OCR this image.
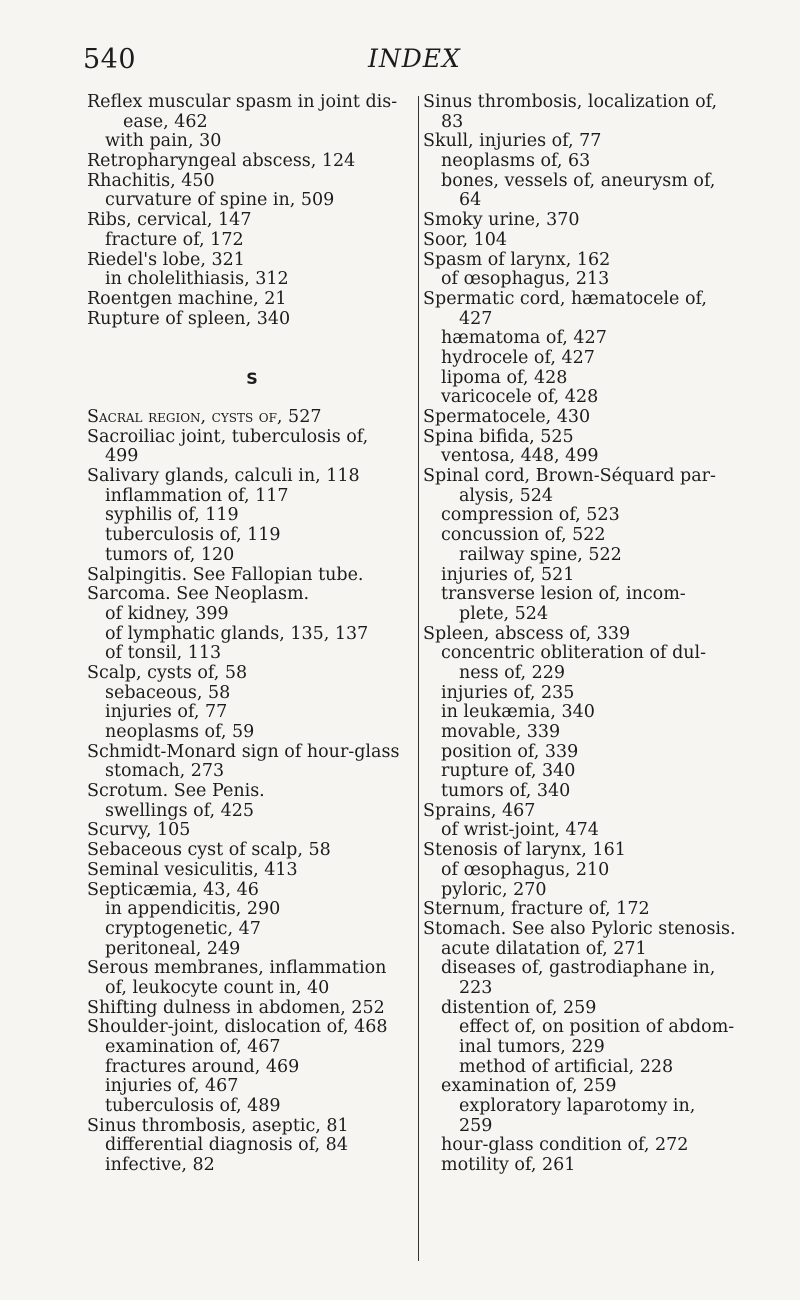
540	INDEX
Reflex muscular spasm in joint dis-
ease, 462
with pain, 30
Retropharyngeal abscess, 124
Rhachitis, 450
curvature of spine in, 509
Ribs, cervical, 147
fracture of, 172
Riedel's lobe, 321
in cholelithiasis, 312
Roentgen machine, 21
Rupture of spleen, 340
S
Sacral region, cysts of, 527
Sacroiliac joint, tuberculosis of,
499
Salivary glands, calculi in, 118
inflammation of, 117
syphilis of, 119
tuberculosis of, 119
tumors of, 120
Salpingitis. See Fallopian tube.
Sarcoma. See Neoplasm.
of kidney, 399
of lymphatic glands, 135, 137
of tonsil, 113
Scalp, cysts of, 58
sebaceous, 58
injuries of, 77
neoplasms of, 59
Schmidt-Monard sign of hour-glass
stomach, 273
Scrotum. See Penis.
swellings of, 425
Scurvy, 105
Sebaceous cyst of scalp, 58
Seminal vesiculitis, 413
Septicæmia, 43, 46
in appendicitis, 290
cryptogenetic, 47
peritoneal, 249
Serous membranes, inflammation
of, leukocyte count in, 40
Shifting dulness in abdomen, 252
Shoulder-joint, dislocation of, 468
examination of, 467
fractures around, 469
injuries of, 467
tuberculosis of, 489
Sinus thrombosis, aseptic, 81
differential diagnosis of, 84
infective, 82
Sinus thrombosis, localization of,
83
Skull, injuries of, 77
neoplasms of, 63
bones, vessels of, aneurysm of,
64
Smoky urine, 370
Soor, 104
Spasm of larynx, 162
of œsophagus, 213
Spermatic cord, hæmatocele of,
427
hæmatoma of, 427
hydrocele of, 427
lipoma of, 428
varicocele of, 428
Spermatocele, 430
Spina bifida, 525
ventosa, 448, 499
Spinal cord, Brown-Séquard par-
alysis, 524
compression of, 523
concussion of, 522
railway spine, 522
injuries of, 521
transverse lesion of, incom-
plete, 524
Spleen, abscess of, 339
concentric obliteration of dul-
ness of, 229
injuries of, 235
in leukæmia, 340
movable, 339
position of, 339
rupture of, 340
tumors of, 340
Sprains, 467
of wrist-joint, 474
Stenosis of larynx, 161
of œsophagus, 210
pyloric, 270
Sternum, fracture of, 172
Stomach. See also Pyloric stenosis.
acute dilatation of, 271
diseases of, gastrodiaphane in,
223
distention of, 259
effect of, on position of abdom-
inal tumors, 229
method of artificial, 228
examination of, 259
exploratory laparotomy in,
259
hour-glass condition of, 272
motility of, 261
